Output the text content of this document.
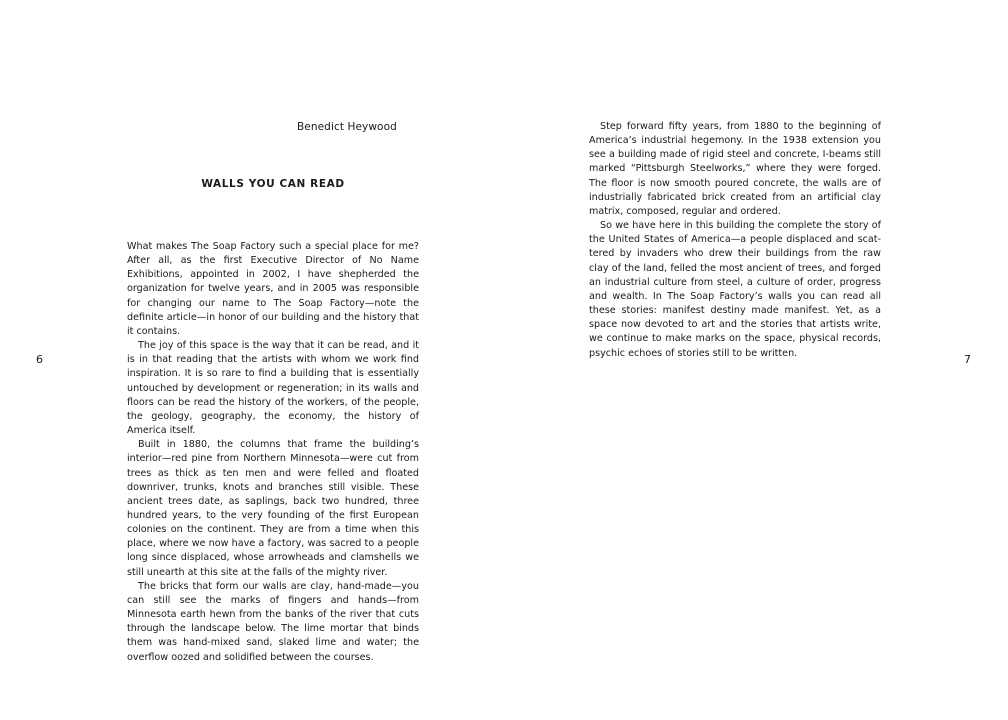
Benedict Heywood
WALLS YOU CAN READ

What makes The Soap Factory such a special place for me? After all, as the first Executive Director of No Name Exhibitions, appointed in 2002, I have shepherded the organization for twelve years, and in 2005 was responsible for changing our name to The Soap Factory—note the definite article—in honor of our building and the history that it contains.

The joy of this space is the way that it can be read, and it is in that reading that the artists with whom we work find inspiration. It is so rare to find a building that is essentially untouched by development or regeneration; in its walls and floors can be read the history of the workers, of the people, the geology, geography, the economy, the history of America itself.

Built in 1880, the columns that frame the building’s interior—red pine from Northern Minnesota—were cut from trees as thick as ten men and were felled and floated downriver, trunks, knots and branches still visible. These ancient trees date, as saplings, back two hundred, three hundred years, to the very founding of the first European colonies on the continent. They are from a time when this place, where we now have a factory, was sacred to a people long since displaced, whose arrowheads and clamshells we still unearth at this site at the falls of the mighty river.

The bricks that form our walls are clay, hand-made—you can still see the marks of fingers and hands—from Minnesota earth hewn from the banks of the river that cuts through the landscape below. The lime mortar that binds them was hand-mixed sand, slaked lime and water; the overflow oozed and solidified between the courses.

6

Step forward fifty years, from 1880 to the beginning of America’s industrial hegemony. In the 1938 extension you see a building made of rigid steel and concrete, I-beams still marked “Pittsburgh Steelworks,” where they were forged. The floor is now smooth poured concrete, the walls are of industrially fabricated brick created from an artificial clay matrix, composed, regular and ordered.

So we have here in this building the complete the story of the United States of America—a people displaced and scattered by invaders who drew their buildings from the raw clay of the land, felled the most ancient of trees, and forged an industrial culture from steel, a culture of order, progress and wealth. In The Soap Factory’s walls you can read all these stories: manifest destiny made manifest. Yet, as a space now devoted to art and the stories that artists write, we continue to make marks on the space, physical records, psychic echoes of stories still to be written.	7
